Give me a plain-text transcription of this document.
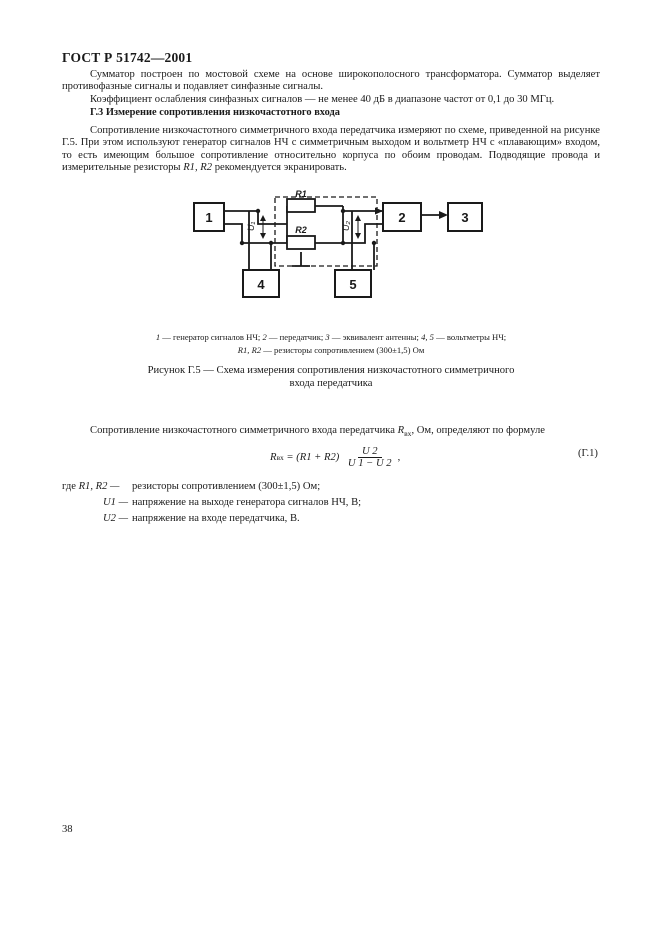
ГОСТ Р 51742—2001
Сумматор построен по мостовой схеме на основе широкополосного трансформатора. Сумматор выделяет противофазные сигналы и подавляет синфазные сигналы.
Коэффициент ослабления синфазных сигналов — не менее 40 дБ в диапазоне частот от 0,1 до 30 МГц.
Г.3 Измерение сопротивления низкочастотного входа
Сопротивление низкочастотного симметричного входа передатчика измеряют по схеме, приведенной на рисунке Г.5. При этом используют генератор сигналов НЧ с симметричным выходом и вольтметр НЧ с «плавающим» входом, то есть имеющим большое сопротивление относительно корпуса по обоим проводам. Подводящие провода и измерительные резисторы R1, R2 рекомендуется экранировать.
1	2	3
4	5
R1
R2
U₁	U₂
1 — генератор сигналов НЧ; 2 — передатчик; 3 — эквивалент антенны; 4, 5 — вольтметры НЧ;
R1, R2 — резисторы сопротивлением (300±1,5) Ом
Рисунок Г.5 — Схема измерения сопротивления низкочастотного симметричного
входа передатчика
Сопротивление низкочастотного симметричного входа передатчика $R_{вх}$, Ом, определяют по формуле
R вх = $(R1 + R2) \frac{U 2}{U 1 - U 2}$ ,	(Г.1)
где R1, R2 —	резисторы сопротивлением (300±1,5) Ом;
U1 — напряжение на выходе генератора сигналов НЧ, В;
U2 — напряжение на входе передатчика, В.
38
